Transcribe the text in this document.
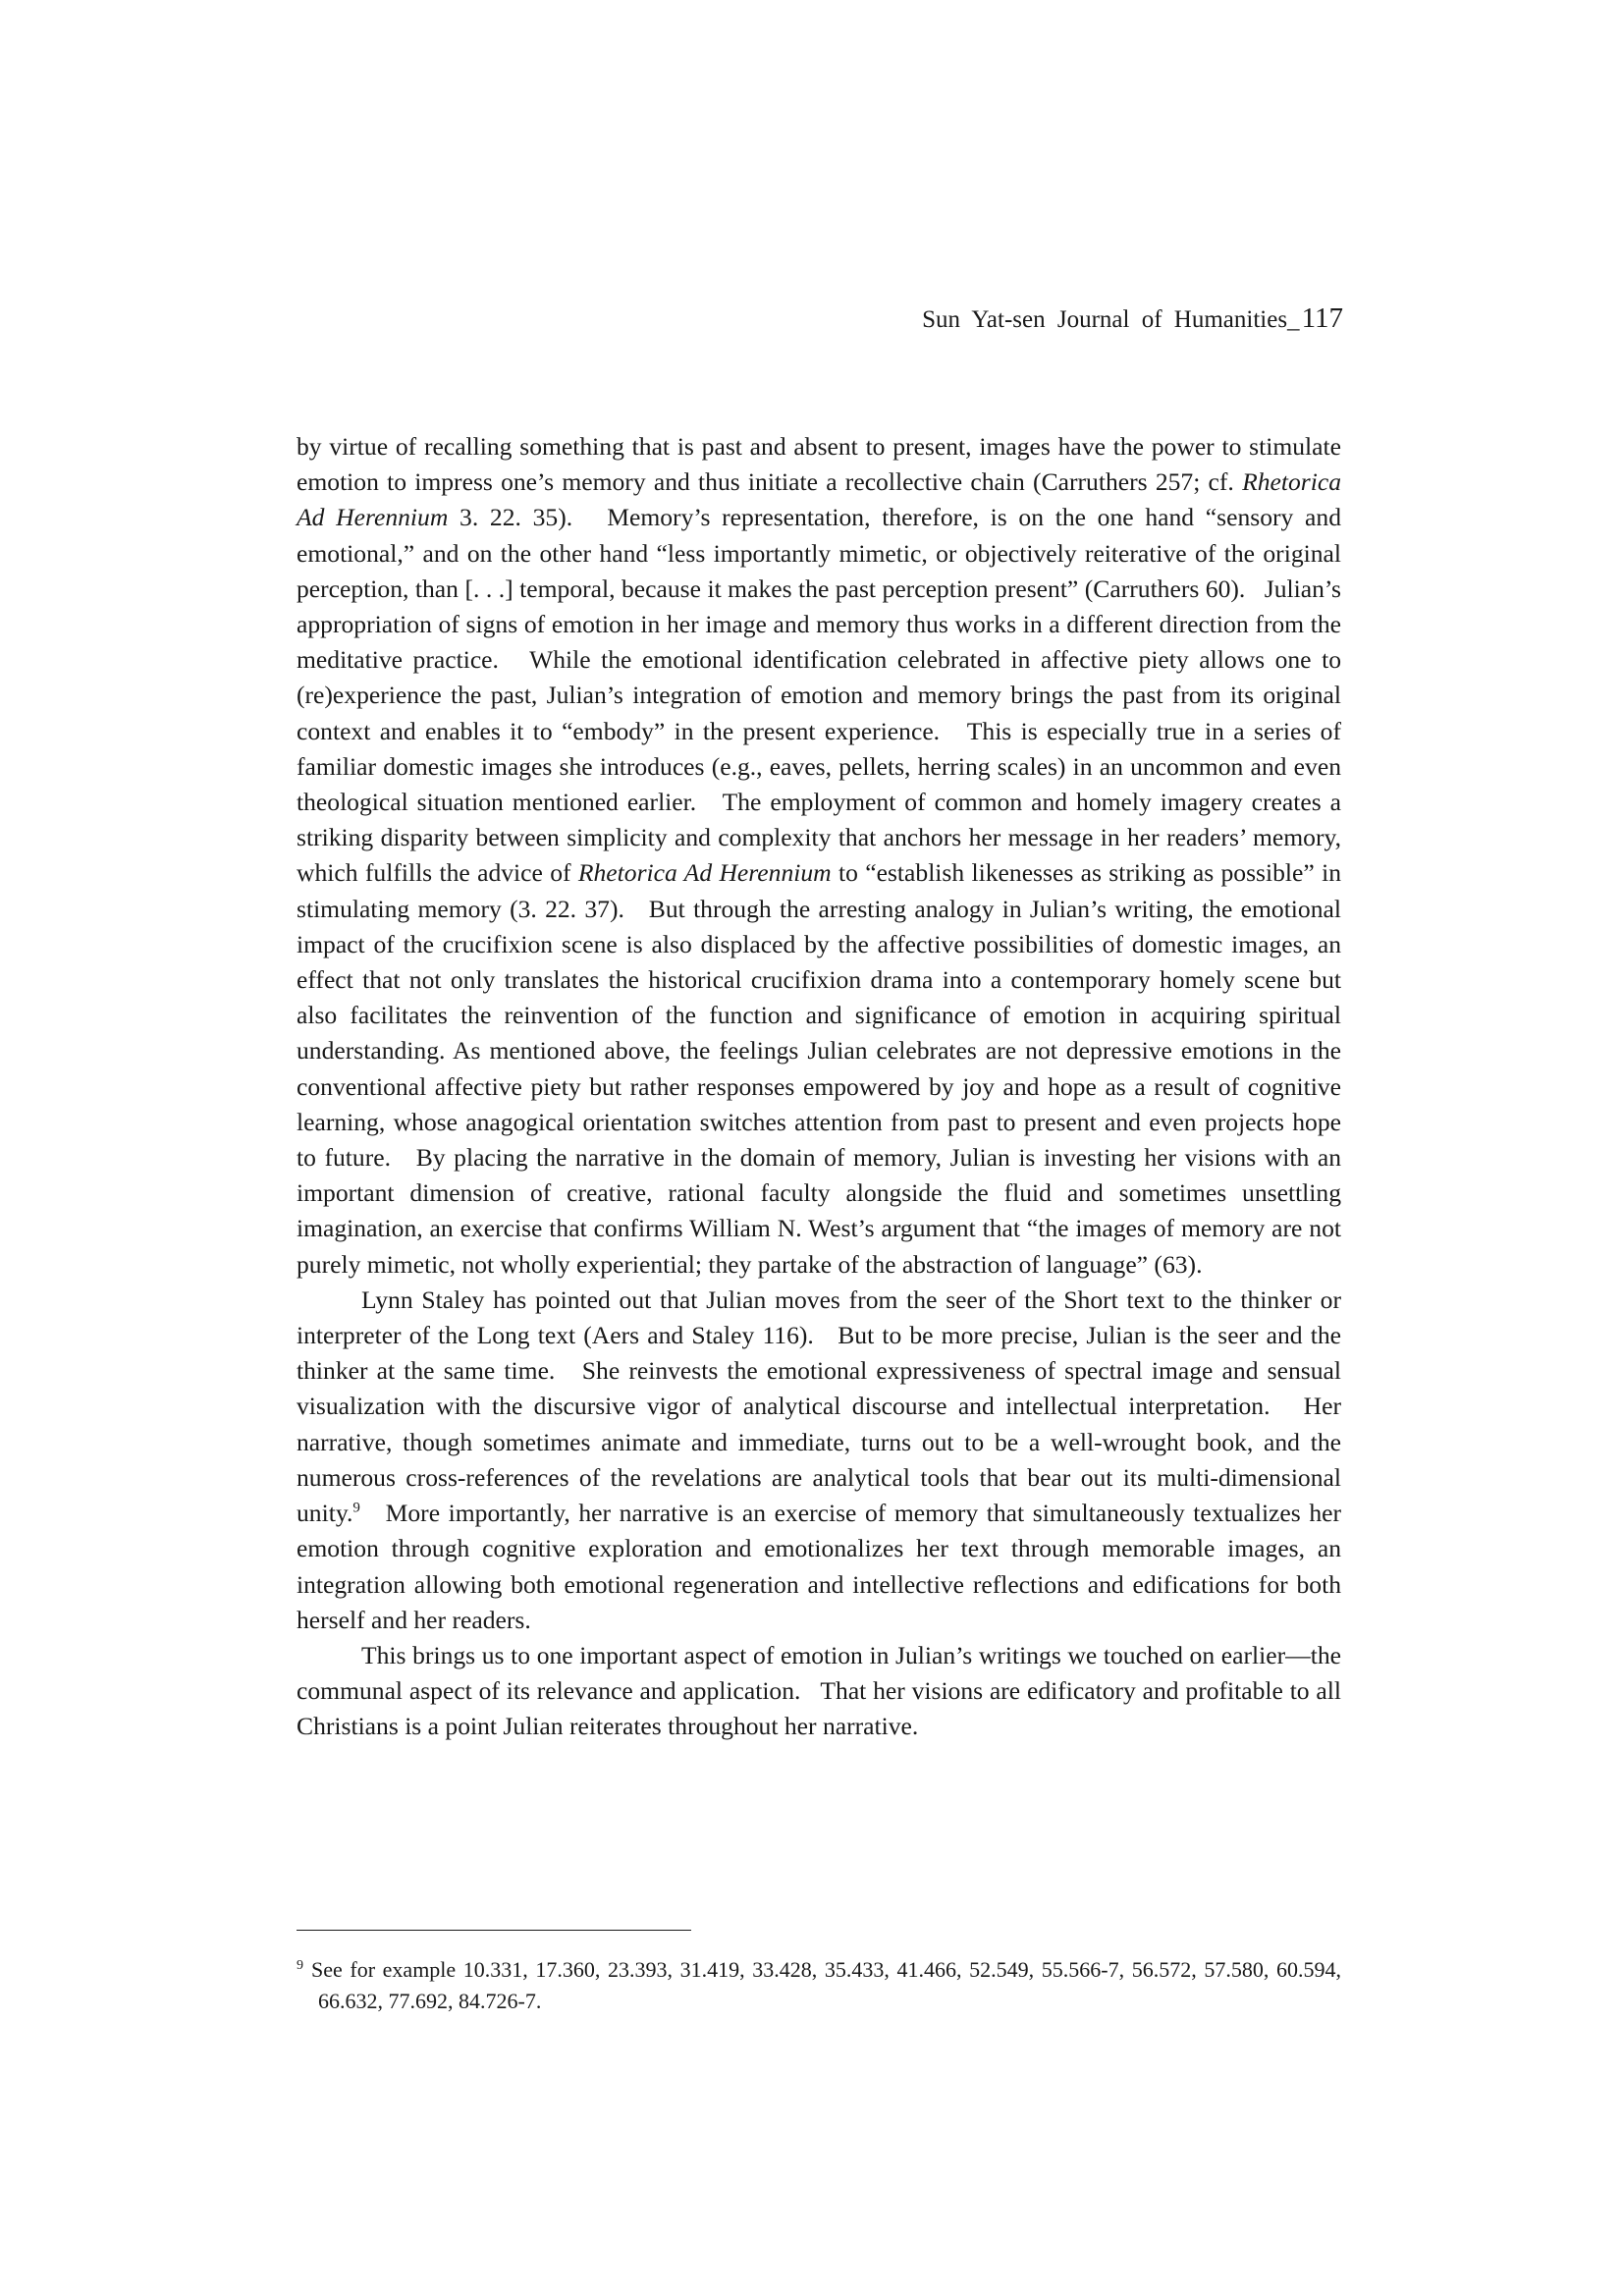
Sun Yat-sen Journal of Humanities_117

by virtue of recalling something that is past and absent to present, images have the power to stimulate emotion to impress one’s memory and thus initiate a recollective chain (Carruthers 257; cf. Rhetorica Ad Herennium 3. 22. 35).   Memory’s representation, therefore, is on the one hand “sensory and emotional,” and on the other hand “less importantly mimetic, or objectively reiterative of the original perception, than [. . .] temporal, because it makes the past perception present” (Carruthers 60).   Julian’s appropriation of signs of emotion in her image and memory thus works in a different direction from the meditative practice.   While the emotional identification celebrated in affective piety allows one to (re)experience the past, Julian’s integration of emotion and memory brings the past from its original context and enables it to “embody” in the present experience.   This is especially true in a series of familiar domestic images she introduces (e.g., eaves, pellets, herring scales) in an uncommon and even theological situation mentioned earlier.   The employment of common and homely imagery creates a striking disparity between simplicity and complexity that anchors her message in her readers’ memory, which fulfills the advice of Rhetorica Ad Herennium to “establish likenesses as striking as possible” in stimulating memory (3. 22. 37).   But through the arresting analogy in Julian’s writing, the emotional impact of the crucifixion scene is also displaced by the affective possibilities of domestic images, an effect that not only translates the historical crucifixion drama into a contemporary homely scene but also facilitates the reinvention of the function and significance of emotion in acquiring spiritual understanding. As mentioned above, the feelings Julian celebrates are not depressive emotions in the conventional affective piety but rather responses empowered by joy and hope as a result of cognitive learning, whose anagogical orientation switches attention from past to present and even projects hope to future.   By placing the narrative in the domain of memory, Julian is investing her visions with an important dimension of creative, rational faculty alongside the fluid and sometimes unsettling imagination, an exercise that confirms William N. West’s argument that “the images of memory are not purely mimetic, not wholly experiential; they partake of the abstraction of language” (63).

Lynn Staley has pointed out that Julian moves from the seer of the Short text to the thinker or interpreter of the Long text (Aers and Staley 116).   But to be more precise, Julian is the seer and the thinker at the same time.   She reinvests the emotional expressiveness of spectral image and sensual visualization with the discursive vigor of analytical discourse and intellectual interpretation.   Her narrative, though sometimes animate and immediate, turns out to be a well-wrought book, and the numerous cross-references of the revelations are analytical tools that bear out its multi-dimensional unity.$^9$   More importantly, her narrative is an exercise of memory that simultaneously textualizes her emotion through cognitive exploration and emotionalizes her text through memorable images, an integration allowing both emotional regeneration and intellective reflections and edifications for both herself and her readers.

This brings us to one important aspect of emotion in Julian’s writings we touched on earlier—the communal aspect of its relevance and application.   That her visions are edificatory and profitable to all Christians is a point Julian reiterates throughout her narrative.

$^9$ See for example 10.331, 17.360, 23.393, 31.419, 33.428, 35.433, 41.466, 52.549, 55.566-7, 56.572, 57.580, 60.594, 66.632, 77.692, 84.726-7.
